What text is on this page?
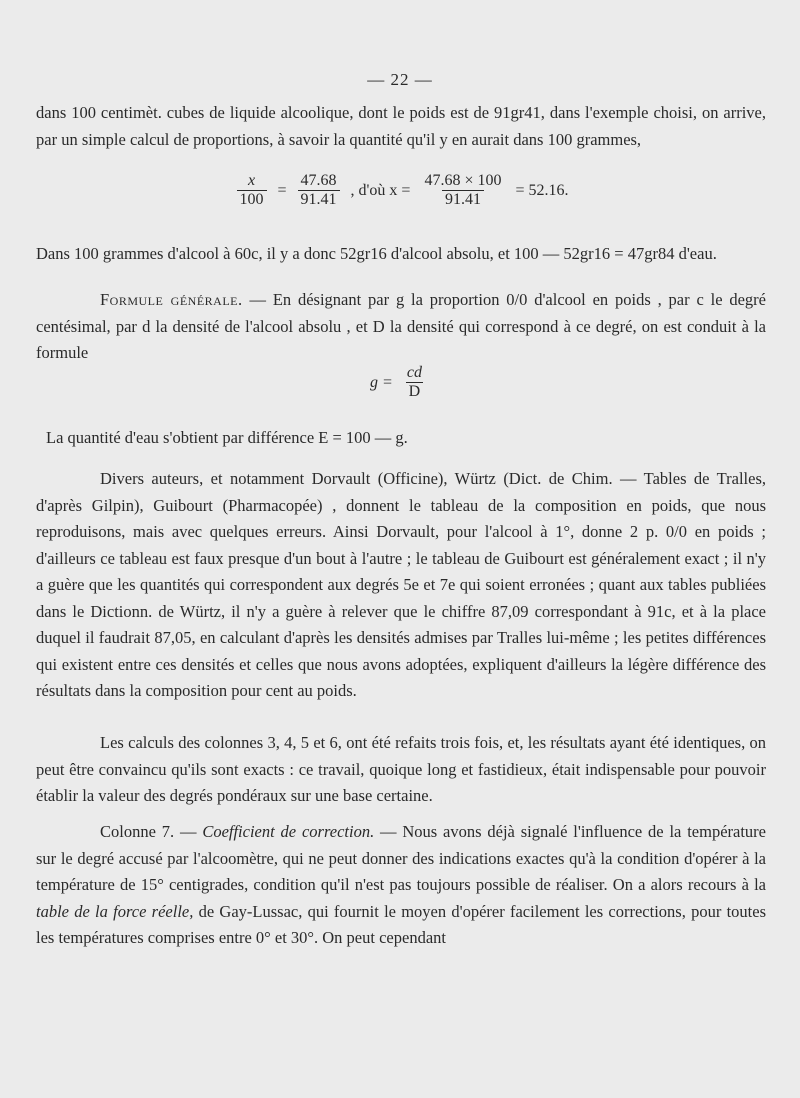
— 22 —

dans 100 centimèt. cubes de liquide alcoolique, dont le poids est de 91gr41, dans l'exemple choisi, on arrive, par un simple calcul de proportions, à savoir la quantité qu'il y en aurait dans 100 grammes,

$\frac{x}{100} = \frac{47.68}{91.41}$ , d'où $x = \frac{47.68 \times 100}{91.41} = 52.16$.

Dans 100 grammes d'alcool à 60c, il y a donc 52gr16 d'alcool absolu, et 100 — 52gr16 = 47gr84 d'eau.

Formule générale. — En désignant par g la proportion 0/0 d'alcool en poids , par c le degré centésimal, par d la densité de l'alcool absolu , et D la densité qui correspond à ce degré, on est conduit à la formule

$g = \frac{cd}{D}$

La quantité d'eau s'obtient par différence E = 100 — g.

Divers auteurs, et notamment Dorvault (Officine), Würtz (Dict. de Chim. — Tables de Tralles, d'après Gilpin), Guibourt (Pharmacopée) , donnent le tableau de la composition en poids, que nous reproduisons, mais avec quelques erreurs. Ainsi Dorvault, pour l'alcool à 1°, donne 2 p. 0/0 en poids ; d'ailleurs ce tableau est faux presque d'un bout à l'autre ; le tableau de Guibourt est généralement exact ; il n'y a guère que les quantités qui correspondent aux degrés 5e et 7e qui soient erronées ; quant aux tables publiées dans le Dictionn. de Würtz, il n'y a guère à relever que le chiffre 87,09 correspondant à 91c, et à la place duquel il faudrait 87,05, en calculant d'après les densités admises par Tralles lui-même ; les petites différences qui existent entre ces densités et celles que nous avons adoptées, expliquent d'ailleurs la légère différence des résultats dans la composition pour cent au poids.

Les calculs des colonnes 3, 4, 5 et 6, ont été refaits trois fois, et, les résultats ayant été identiques, on peut être convaincu qu'ils sont exacts : ce travail, quoique long et fastidieux, était indispensable pour pouvoir établir la valeur des degrés pondéraux sur une base certaine.

Colonne 7. — Coefficient de correction. — Nous avons déjà signalé l'influence de la température sur le degré accusé par l'alcoomètre, qui ne peut donner des indications exactes qu'à la condition d'opérer à la température de 15° centigrades, condition qu'il n'est pas toujours possible de réaliser. On a alors recours à la table de la force réelle, de Gay-Lussac, qui fournit le moyen d'opérer facilement les corrections, pour toutes les températures comprises entre 0° et 30°. On peut cependant
